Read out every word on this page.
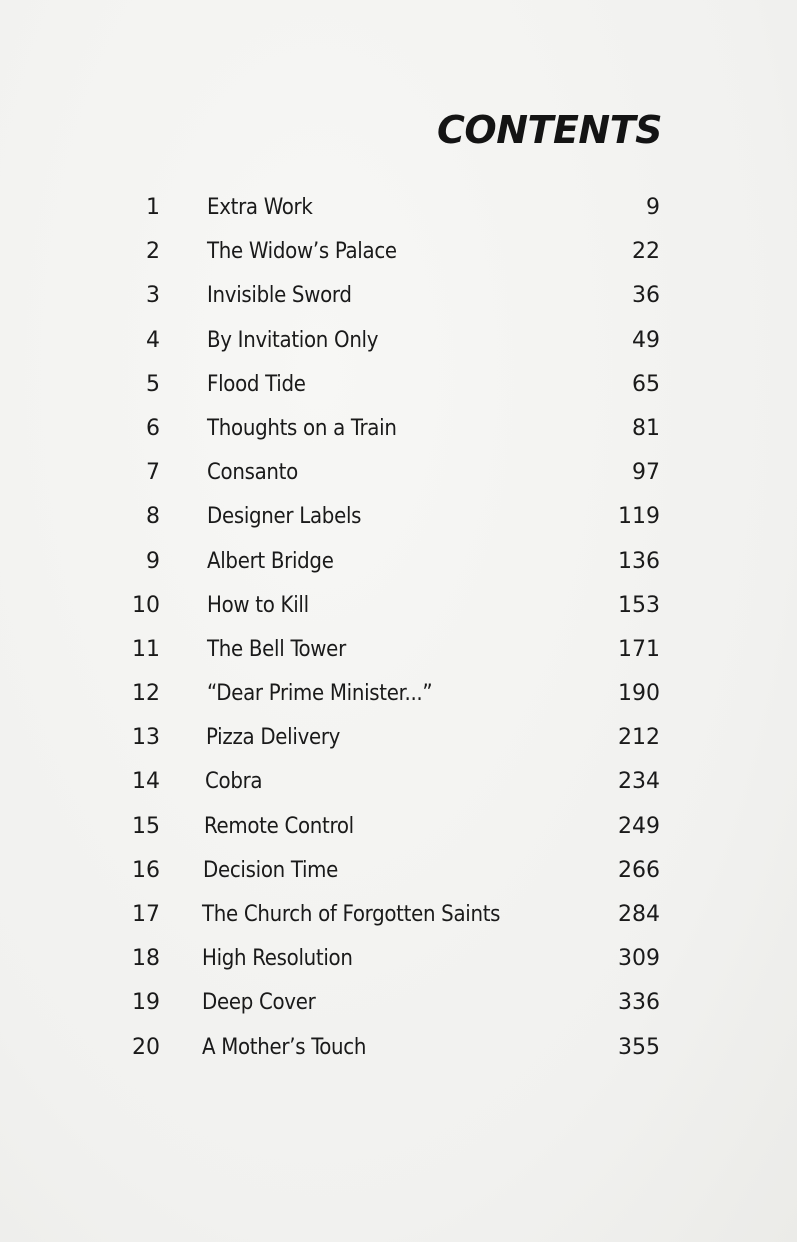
CONTENTS
1 Extra Work	9
2 The Widow’s Palace	22
3 Invisible Sword	36
4 By Invitation Only	49
5 Flood Tide	65
6 Thoughts on a Train	81
7 Consanto	97
8 Designer Labels	119
9 Albert Bridge	136
10 How to Kill	153
11 The Bell Tower	171
12 “Dear Prime Minister...”	190
13 Pizza Delivery	212
14 Cobra	234
15 Remote Control	249
16 Decision Time	266
17 The Church of Forgotten Saints	284
18 High Resolution	309
19 Deep Cover	336
20 A Mother’s Touch	355
